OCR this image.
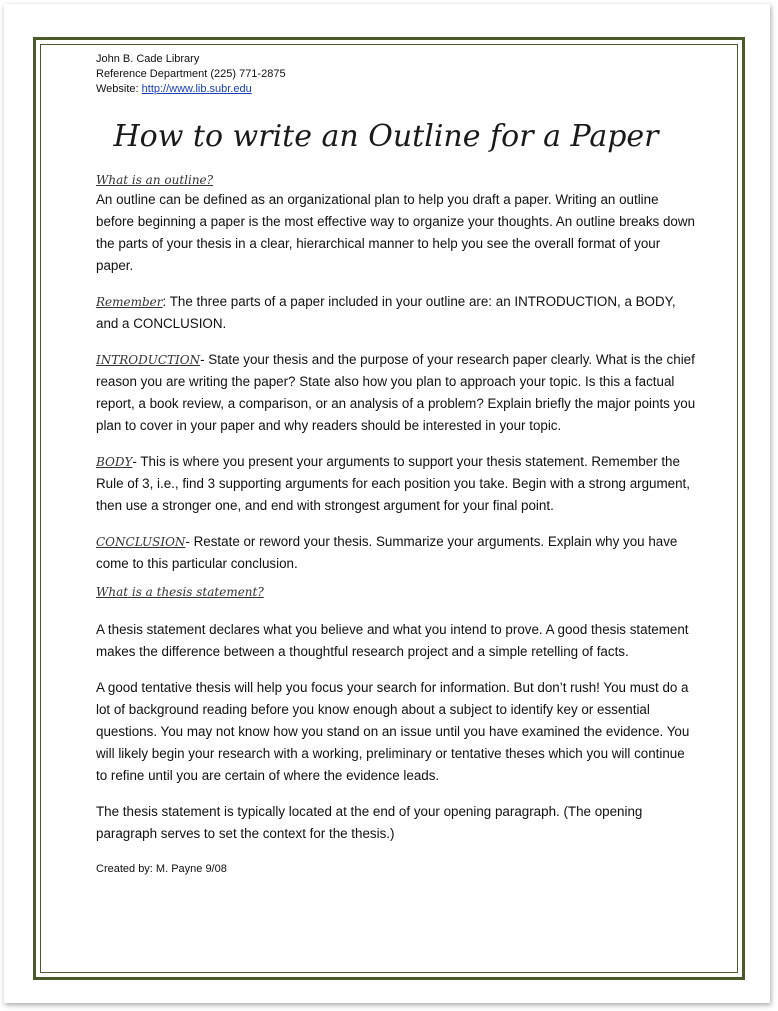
John B. Cade Library
Reference Department (225) 771-2875
Website: http://www.lib.subr.edu
How to write an Outline for a Paper
What is an outline?

An outline can be defined as an organizational plan to help you draft a paper. Writing an outline before beginning a paper is the most effective way to organize your thoughts. An outline breaks down the parts of your thesis in a clear, hierarchical manner to help you see the overall format of your paper.

Remember: The three parts of a paper included in your outline are: an INTRODUCTION, a BODY, and a CONCLUSION.

INTRODUCTION- State your thesis and the purpose of your research paper clearly. What is the chief reason you are writing the paper? State also how you plan to approach your topic. Is this a factual report, a book review, a comparison, or an analysis of a problem? Explain briefly the major points you plan to cover in your paper and why readers should be interested in your topic.

BODY- This is where you present your arguments to support your thesis statement. Remember the Rule of 3, i.e., find 3 supporting arguments for each position you take. Begin with a strong argument, then use a stronger one, and end with strongest argument for your final point.

CONCLUSION- Restate or reword your thesis. Summarize your arguments. Explain why you have come to this particular conclusion.

What is a thesis statement?

A thesis statement declares what you believe and what you intend to prove. A good thesis statement makes the difference between a thoughtful research project and a simple retelling of facts.

A good tentative thesis will help you focus your search for information. But don’t rush! You must do a lot of background reading before you know enough about a subject to identify key or essential questions. You may not know how you stand on an issue until you have examined the evidence. You will likely begin your research with a working, preliminary or tentative theses which you will continue to refine until you are certain of where the evidence leads.

The thesis statement is typically located at the end of your opening paragraph. (The opening paragraph serves to set the context for the thesis.)

Created by: M. Payne 9/08
